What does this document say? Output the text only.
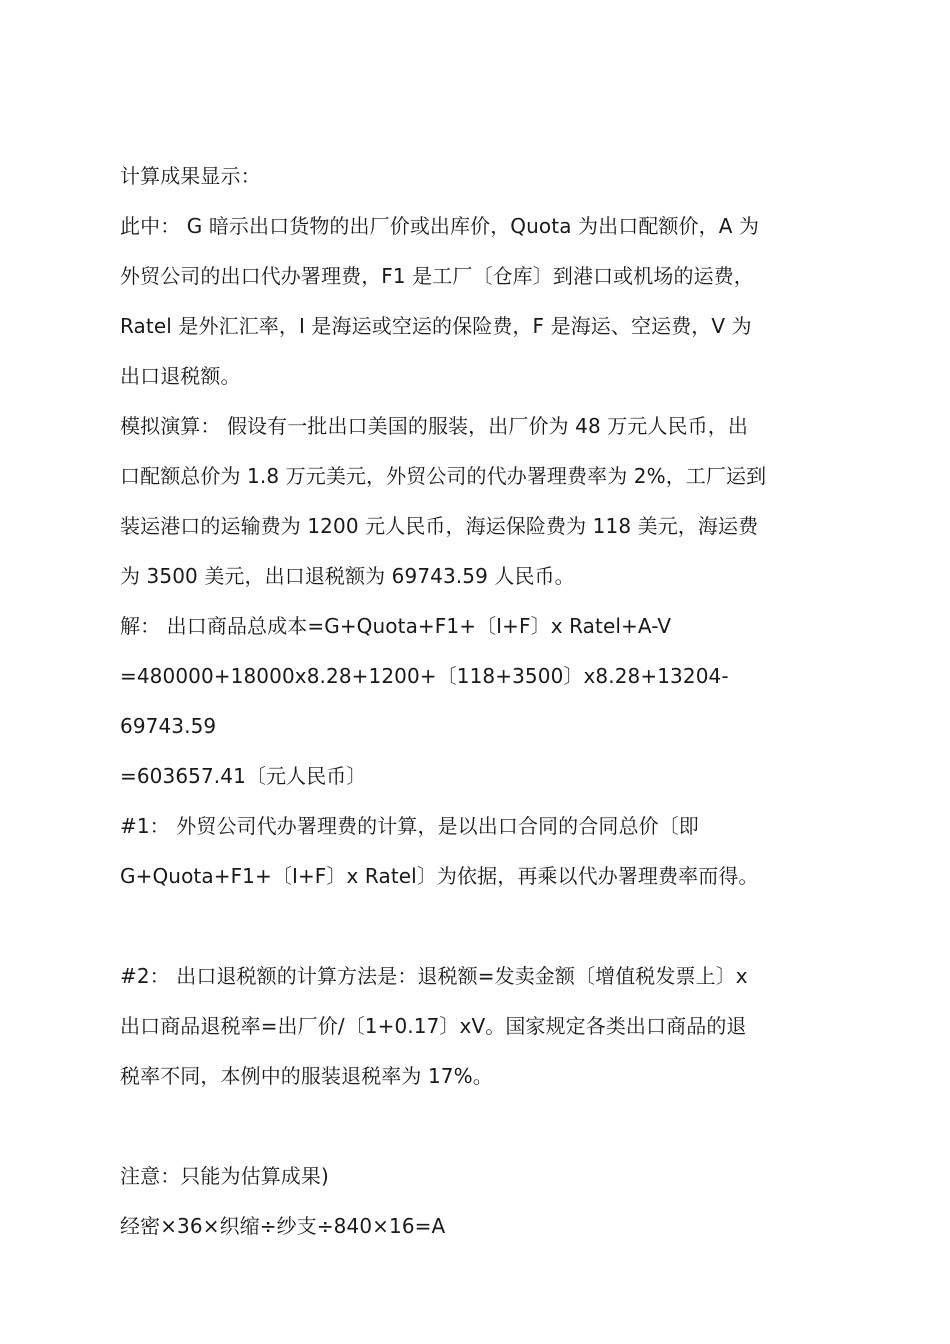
计算成果显示：
此中： G 暗示出口货物的出厂价或出库价，Quota 为出口配额价，A 为
外贸公司的出口代办署理费，F1 是工厂〔仓库〕到港口或机场的运费，
Ratel 是外汇汇率，I 是海运或空运的保险费，F 是海运、空运费，V 为
出口退税额。
模拟演算： 假设有一批出口美国的服装，出厂价为 48 万元人民币，出
口配额总价为 1.8 万元美元，外贸公司的代办署理费率为 2%，工厂运到
装运港口的运输费为 1200 元人民币，海运保险费为 118 美元，海运费
为 3500 美元，出口退税额为 69743.59 人民币。
解： 出口商品总成本=G+Quota+F1+〔I+F〕x Ratel+A-V
=480000+18000x8.28+1200+〔118+3500〕x8.28+13204-
69743.59
=603657.41〔元人民币〕
#1： 外贸公司代办署理费的计算，是以出口合同的合同总价〔即
G+Quota+F1+〔I+F〕x Ratel〕为依据，再乘以代办署理费率而得。
#2： 出口退税额的计算方法是：退税额=发卖金额〔增值税发票上〕x
出口商品退税率=出厂价/〔1+0.17〕xV。国家规定各类出口商品的退
税率不同，本例中的服装退税率为 17%。
注意：只能为估算成果)
经密×36×织缩÷纱支÷840×16=A
